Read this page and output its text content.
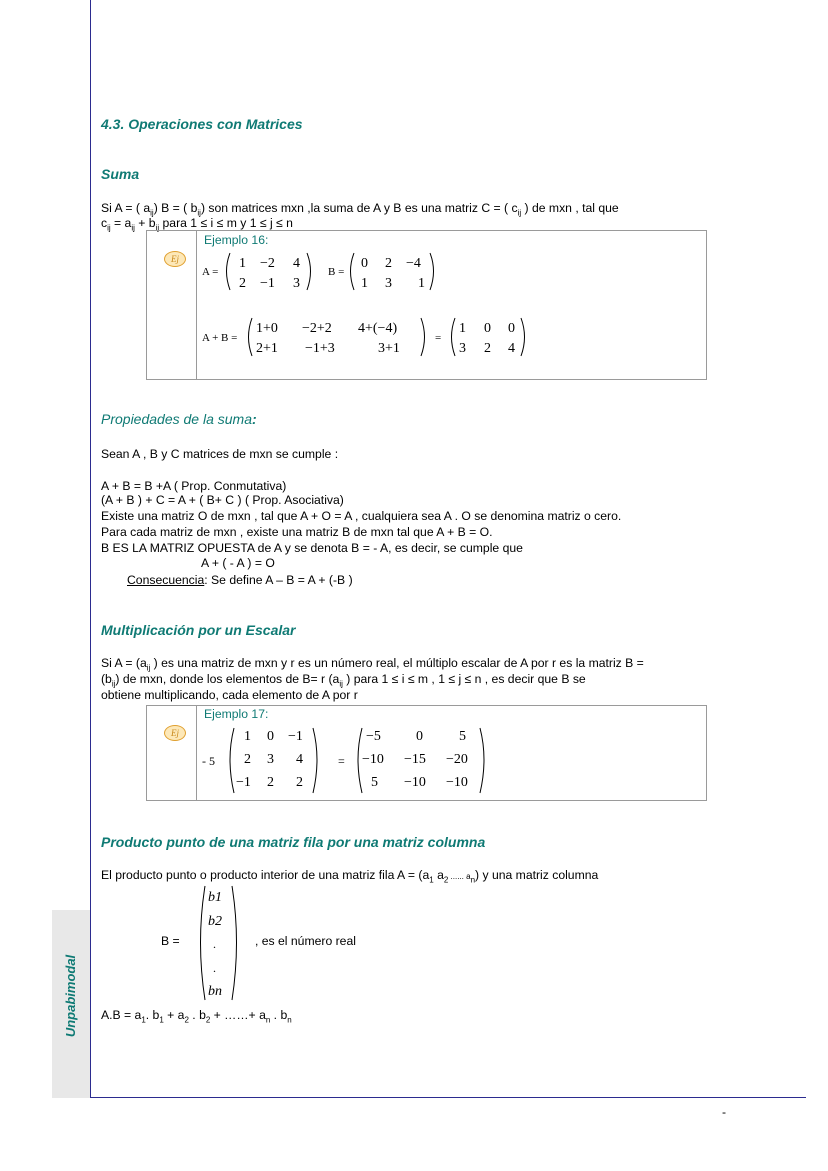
Unpabimodal
4.3. Operaciones con Matrices
Suma
Si A = ( $a_{ij}$) B = ( $b_{ij}$) son matrices mxn ,la suma de A y B es una matriz C = ( $c_{ij}$ ) de mxn , tal que
$c_{ij} = a_{ij} + b_{ij}$ para 1 ≤ i ≤ m y 1 ≤ j ≤ n
Ej
Ejemplo 16:
A =
1 −2 4
2 −1 3
B =
0 2 −4
1 3 1
A + B =
1+0 −2+2 4+(−4)
2+1 −1+3	3+1
=
1 0 0
3 2 4
Propiedades de la suma:
Sean A , B y C matrices de mxn se cumple :
A + B = B +A ( Prop. Conmutativa)
(A + B ) + C = A + ( B+ C ) ( Prop. Asociativa)
Existe una matriz O de mxn , tal que A + O = A , cualquiera sea A . O se denomina matriz o cero.
Para cada matriz de mxn , existe una matriz B de mxn tal que A + B = O.
B ES LA MATRIZ OPUESTA de A y se denota B = - A, es decir, se cumple que
A + ( - A ) = O
Consecuencia: Se define A – B = A + (-B )
Multiplicación por un Escalar
Si $A = (a_{ij}$ ) es una matriz de mxn y r es un número real, el múltiplo escalar de A por r es la matriz B =
$(b_{ij})$ de mxn, donde los elementos de B= r ($a_{ij}$ ) para 1 ≤ i ≤ m , 1 ≤ j ≤ n , es decir que B se
obtiene multiplicando, cada elemento de A por r
Ej
Ejemplo 17:
- 5
1 0 −1
2 3 4
−1 2 2
=
−5	0	5
−10 −15 −20
5 −10 −10
Producto punto de una matriz fila por una matriz columna
El producto punto o producto interior de una matriz fila $A = (a_1$ $a_2$ ...... $a_n$) y una matriz columna
B =
b1
b2
.
.
bn
, es el número real
$A.B = a_1$. $b_1 + a_2$ . $b_2$ + ……+ $a_n$ . $b_n$
-
